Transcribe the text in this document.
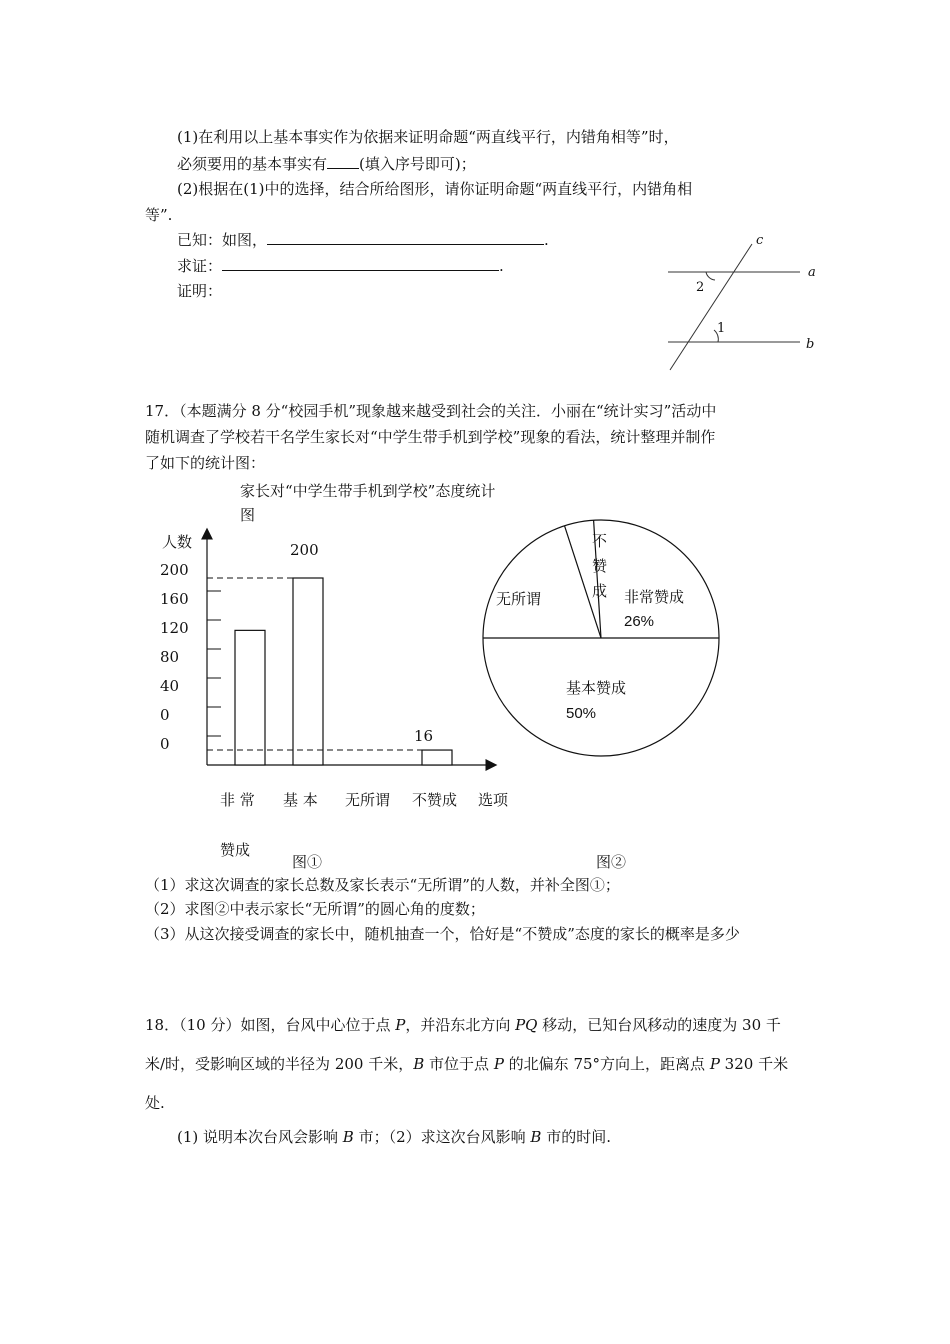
(1)在利用以上基本事实作为依据来证明命题“两直线平行，内错角相等”时，
必须要用的基本事实有 (填入序号即可)；
(2)根据在(1)中的选择，结合所给图形，请你证明命题“两直线平行，内错角相
等”.
已知：如图，	.
求证：	.
证明：
c
a
b
2
1
17．（本题满分 8 分“校园手机”现象越来越受到社会的关注．小丽在“统计实习”活动中
随机调查了学校若干名学生家长对“中学生带手机到学校”现象的看法，统计整理并制作
了如下的统计图：
家长对“中学生带手机到学校”态度统计
图
人数
200
160
120
80
40
0
0
200
16
非 常
赞成
基 本 无所谓 不赞成 选项
不
赞
成
无所谓	非常赞成
26%
基本赞成
50%
图①	图②
（1）求这次调查的家长总数及家长表示“无所谓”的人数，并补全图①；
（2）求图②中表示家长“无所谓”的圆心角的度数；
（3）从这次接受调查的家长中，随机抽查一个，恰好是“不赞成”态度的家长的概率是多少
18．（10 分）如图，台风中心位于点 P，并沿东北方向 PQ 移动，已知台风移动的速度为 30 千
米/时，受影响区域的半径为 200 千米，B 市位于点 P 的北偏东 75°方向上，距离点 P 320 千米
处.
(1) 说明本次台风会影响 B 市；（2）求这次台风影响 B 市的时间.
